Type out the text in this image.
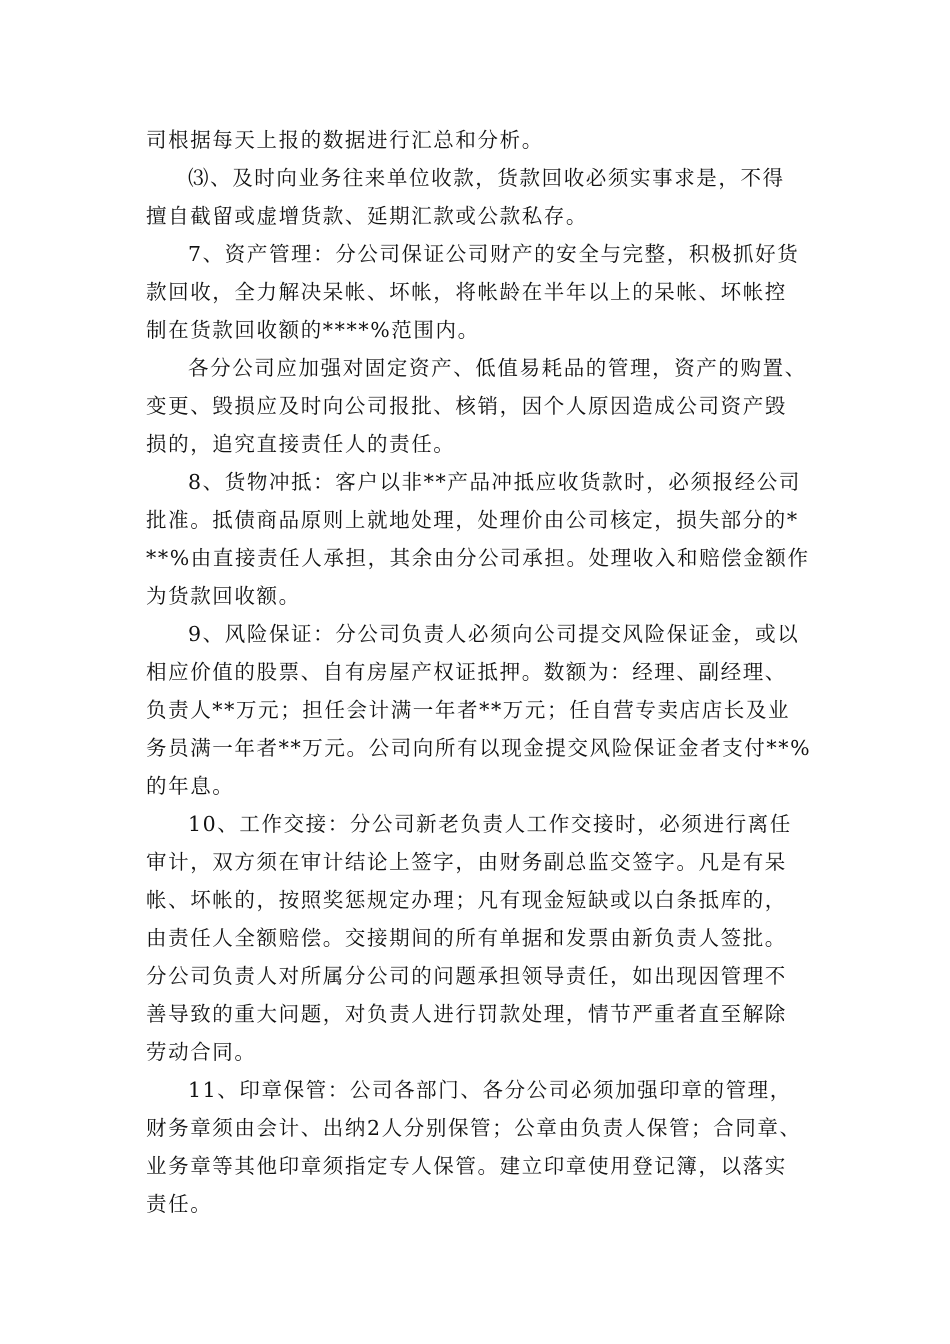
司根据每天上报的数据进行汇总和分析。
⑶、及时向业务往来单位收款，货款回收必须实事求是，不得
擅自截留或虚增货款、延期汇款或公款私存。
7、资产管理：分公司保证公司财产的安全与完整，积极抓好货
款回收，全力解决呆帐、坏帐，将帐龄在半年以上的呆帐、坏帐控
制在货款回收额的****%范围内。
各分公司应加强对固定资产、低值易耗品的管理，资产的购置、
变更、毁损应及时向公司报批、核销，因个人原因造成公司资产毁
损的，追究直接责任人的责任。
8、货物冲抵：客户以非**产品冲抵应收货款时，必须报经公司
批准。抵债商品原则上就地处理，处理价由公司核定，损失部分的*
**%由直接责任人承担，其余由分公司承担。处理收入和赔偿金额作
为货款回收额。
9、风险保证：分公司负责人必须向公司提交风险保证金，或以
相应价值的股票、自有房屋产权证抵押。数额为：经理、副经理、
负责人**万元；担任会计满一年者**万元；任自营专卖店店长及业
务员满一年者**万元。公司向所有以现金提交风险保证金者支付**%
的年息。
10、工作交接：分公司新老负责人工作交接时，必须进行离任
审计，双方须在审计结论上签字，由财务副总监交签字。凡是有呆
帐、坏帐的，按照奖惩规定办理；凡有现金短缺或以白条抵库的，
由责任人全额赔偿。交接期间的所有单据和发票由新负责人签批。
分公司负责人对所属分公司的问题承担领导责任，如出现因管理不
善导致的重大问题，对负责人进行罚款处理，情节严重者直至解除
劳动合同。
11、印章保管：公司各部门、各分公司必须加强印章的管理，
财务章须由会计、出纳2人分别保管；公章由负责人保管；合同章、
业务章等其他印章须指定专人保管。建立印章使用登记簿，以落实
责任。
